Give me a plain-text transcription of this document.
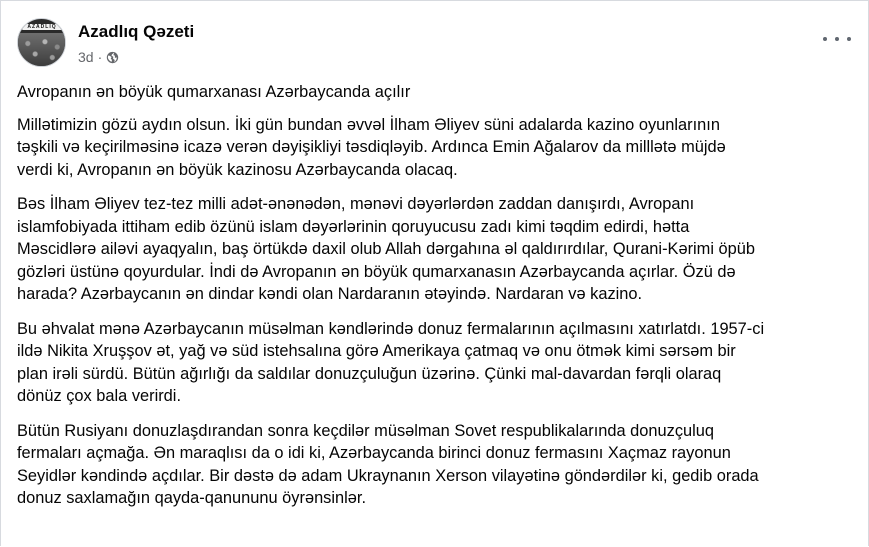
AZADLIQ	Azadlıq Qəzeti
3d ·

Avropanın ən böyük qumarxanası Azərbaycanda açılır

Millətimizin gözü aydın olsun. İki gün bundan əvvəl İlham Əliyev süni adalarda kazino oyunlarının
təşkili və keçirilməsinə icazə verən dəyişikliyi təsdiqləyib. Ardınca Emin Ağalarov da milllətə müjdə
verdi ki, Avropanın ən böyük kazinosu Azərbaycanda olacaq.

Bəs İlham Əliyev tez-tez milli adət-ənənədən, mənəvi dəyərlərdən zaddan danışırdı, Avropanı
islamfobiyada ittiham edib özünü islam dəyərlərinin qoruyucusu zadı kimi təqdim edirdi, hətta
Məscidlərə ailəvi ayaqyalın, baş örtükdə daxil olub Allah dərgahına əl qaldırırdılar, Qurani-Kərimi öpüb
gözləri üstünə qoyurdular. İndi də Avropanın ən böyük qumarxanasın Azərbaycanda açırlar. Özü də
harada? Azərbaycanın ən dindar kəndi olan Nardaranın ətəyində. Nardaran və kazino.

Bu əhvalat mənə Azərbaycanın müsəlman kəndlərində donuz fermalarının açılmasını xatırlatdı. 1957-ci
ildə Nikita Xruşşov ət, yağ və süd istehsalına görə Amerikaya çatmaq və onu ötmək kimi sərsəm bir
plan irəli sürdü. Bütün ağırlığı da saldılar donuzçuluğun üzərinə. Çünki mal-davardan fərqli olaraq
dönüz çox bala verirdi.

Bütün Rusiyanı donuzlaşdırandan sonra keçdilər müsəlman Sovet respublikalarında donuzçuluq
fermaları açmağa. Ən maraqlısı da o idi ki, Azərbaycanda birinci donuz fermasını Xaçmaz rayonun
Seyidlər kəndində açdılar. Bir dəstə də adam Ukraynanın Xerson vilayətinə göndərdilər ki, gedib orada
donuz saxlamağın qayda-qanununu öyrənsinlər.
